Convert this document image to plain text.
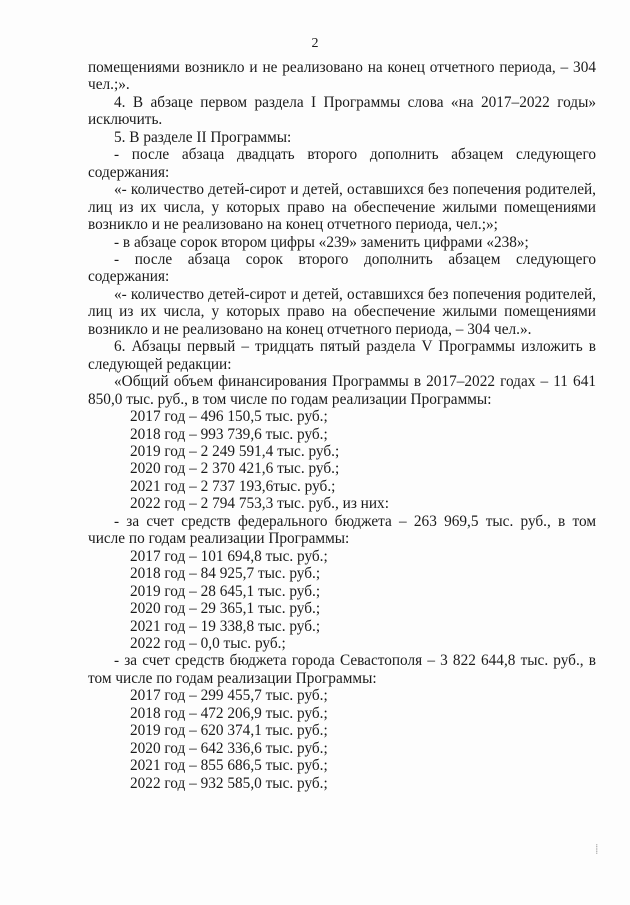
2

помещениями возникло и не реализовано на конец отчетного периода, – 304 чел.;».

4. В абзаце первом раздела I Программы слова «на 2017–2022 годы» исключить.

5. В разделе II Программы:

- после абзаца двадцать второго дополнить абзацем следующего содержания:

«- количество детей-сирот и детей, оставшихся без попечения родителей, лиц из их числа, у которых право на обеспечение жилыми помещениями возникло и не реализовано на конец отчетного периода, чел.;»;

- в абзаце сорок втором цифры «239» заменить цифрами «238»;

- после абзаца сорок второго дополнить абзацем следующего содержания:

«- количество детей-сирот и детей, оставшихся без попечения родителей, лиц из их числа, у которых право на обеспечение жилыми помещениями возникло и не реализовано на конец отчетного периода, – 304 чел.».

6. Абзацы первый – тридцать пятый раздела V Программы изложить в следующей редакции:

«Общий объем финансирования Программы в 2017–2022 годах – 11 641 850,0 тыс. руб., в том числе по годам реализации Программы:

2017 год – 496 150,5 тыс. руб.;
2018 год – 993 739,6 тыс. руб.;
2019 год – 2 249 591,4 тыс. руб.;
2020 год – 2 370 421,6 тыс. руб.;
2021 год – 2 737 193,6тыс. руб.;
2022 год – 2 794 753,3 тыс. руб., из них:

- за счет средств федерального бюджета – 263 969,5 тыс. руб., в том числе по годам реализации Программы:

2017 год – 101 694,8 тыс. руб.;
2018 год – 84 925,7 тыс. руб.;
2019 год – 28 645,1 тыс. руб.;
2020 год – 29 365,1 тыс. руб.;
2021 год – 19 338,8 тыс. руб.;
2022 год – 0,0 тыс. руб.;

- за счет средств бюджета города Севастополя – 3 822 644,8 тыс. руб., в том числе по годам реализации Программы:

2017 год – 299 455,7 тыс. руб.;
2018 год – 472 206,9 тыс. руб.;
2019 год – 620 374,1 тыс. руб.;
2020 год – 642 336,6 тыс. руб.;
2021 год – 855 686,5 тыс. руб.;
2022 год – 932 585,0 тыс. руб.;
⸽
